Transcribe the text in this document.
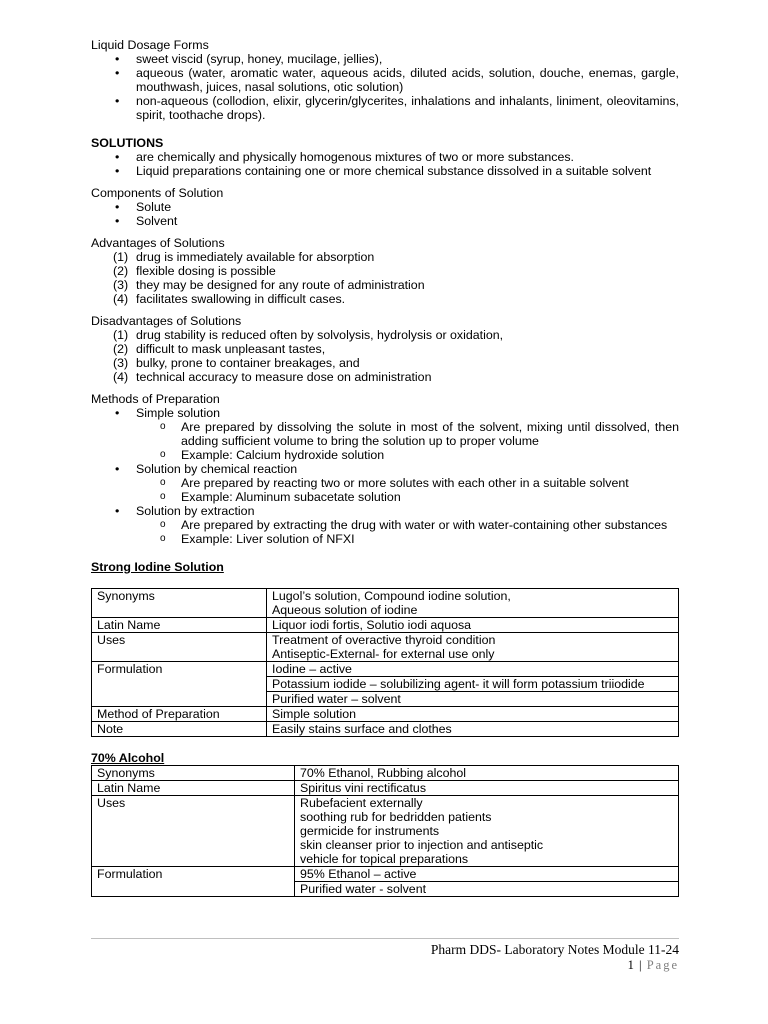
Liquid Dosage Forms

• sweet viscid (syrup, honey, mucilage, jellies),
• aqueous (water, aromatic water, aqueous acids, diluted acids, solution, douche, enemas, gargle, mouthwash, juices, nasal solutions, otic solution)
• non-aqueous (collodion, elixir, glycerin/glycerites, inhalations and inhalants, liniment, oleovitamins, spirit, toothache drops).

SOLUTIONS

• are chemically and physically homogenous mixtures of two or more substances.
• Liquid preparations containing one or more chemical substance dissolved in a suitable solvent

Components of Solution

• Solute
• Solvent

Advantages of Solutions

(1) drug is immediately available for absorption
(2) flexible dosing is possible
(3) they may be designed for any route of administration
(4) facilitates swallowing in difficult cases.

Disadvantages of Solutions

(1) drug stability is reduced often by solvolysis, hydrolysis or oxidation,
(2) difficult to mask unpleasant tastes,
(3) bulky, prone to container breakages, and
(4) technical accuracy to measure dose on administration

Methods of Preparation

• Simple solution
o Are prepared by dissolving the solute in most of the solvent, mixing until dissolved, then adding sufficient volume to bring the solution up to proper volume
o Example: Calcium hydroxide solution
• Solution by chemical reaction
o Are prepared by reacting two or more solutes with each other in a suitable solvent
o Example: Aluminum subacetate solution
• Solution by extraction
o Are prepared by extracting the drug with water or with water-containing other substances
o Example: Liver solution of NFXI

Strong Iodine Solution

Synonyms	Lugol’s solution, Compound iodine solution,
Aqueous solution of iodine

Latin Name	Liquor iodi fortis, Solutio iodi aquosa

Uses	Treatment of overactive thyroid condition
Antiseptic-External- for external use only

Formulation	Iodine – active
Potassium iodide – solubilizing agent- it will form potassium triiodide
Purified water – solvent

Method of Preparation	Simple solution

Note	Easily stains surface and clothes

70% Alcohol

Synonyms	70% Ethanol, Rubbing alcohol

Latin Name	Spiritus vini rectificatus

Uses	Rubefacient externally
soothing rub for bedridden patients
germicide for instruments
skin cleanser prior to injection and antiseptic
vehicle for topical preparations

Formulation	95% Ethanol – active
Purified water - solvent
Pharm DDS- Laboratory Notes Module 11-24
1 | Page
